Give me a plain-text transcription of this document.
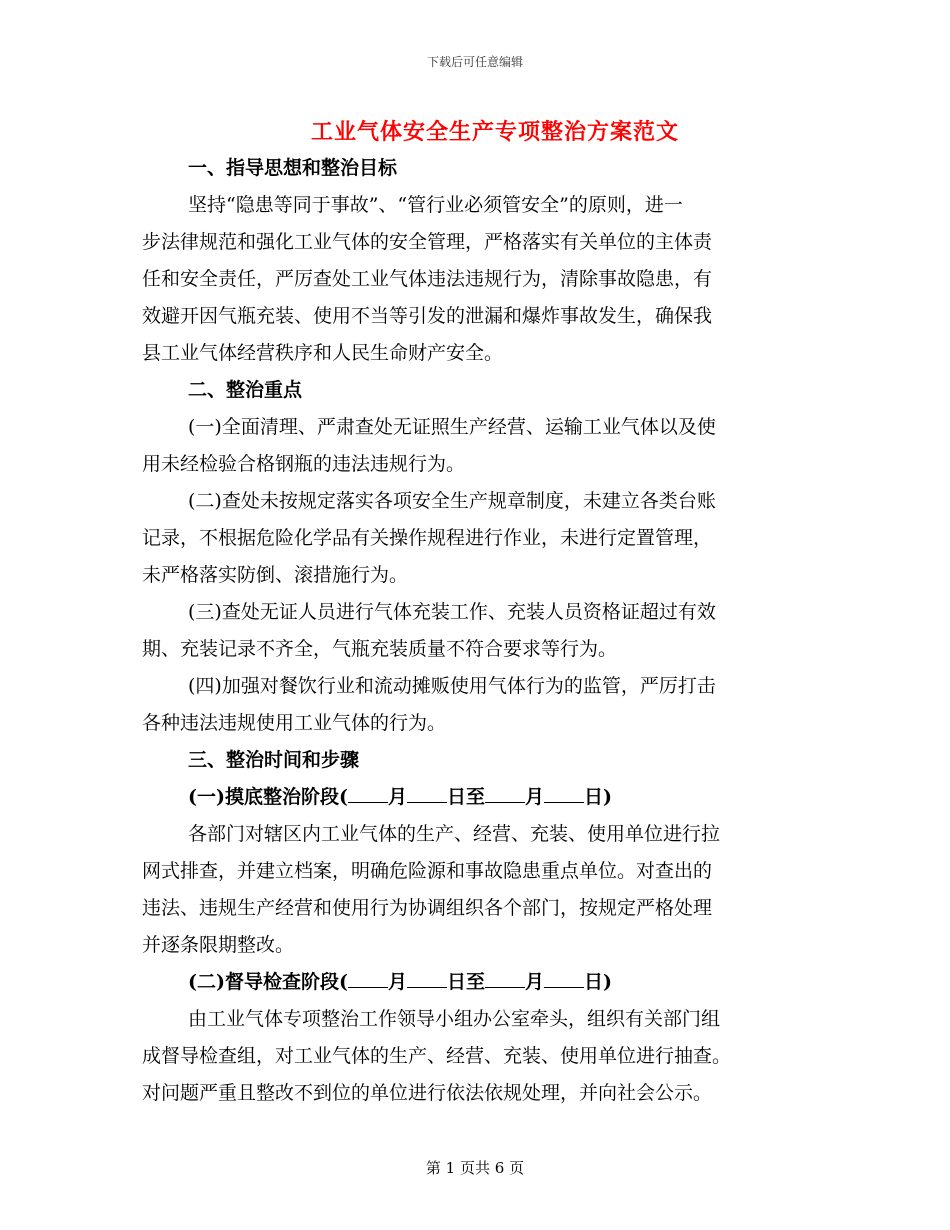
下载后可任意编辑
工业气体安全生产专项整治方案范文
一、指导思想和整治目标
坚持“隐患等同于事故”、“管行业必须管安全”的原则，进一
步法律规范和强化工业气体的安全管理，严格落实有关单位的主体责
任和安全责任，严厉查处工业气体违法违规行为，清除事故隐患，有
效避开因气瓶充装、使用不当等引发的泄漏和爆炸事故发生，确保我
县工业气体经营秩序和人民生命财产安全。
二、整治重点
(一)全面清理、严肃查处无证照生产经营、运输工业气体以及使
用未经检验合格钢瓶的违法违规行为。
(二)查处未按规定落实各项安全生产规章制度，未建立各类台账
记录，不根据危险化学品有关操作规程进行作业，未进行定置管理，
未严格落实防倒、滚措施行为。
(三)查处无证人员进行气体充装工作、充装人员资格证超过有效
期、充装记录不齐全，气瓶充装质量不符合要求等行为。
(四)加强对餐饮行业和流动摊贩使用气体行为的监管，严厉打击
各种违法违规使用工业气体的行为。
三、整治时间和步骤
(一)摸底整治阶段( 月 日至 月 日)
各部门对辖区内工业气体的生产、经营、充装、使用单位进行拉
网式排查，并建立档案，明确危险源和事故隐患重点单位。对查出的
违法、违规生产经营和使用行为协调组织各个部门，按规定严格处理
并逐条限期整改。
(二)督导检查阶段( 月 日至 月 日)
由工业气体专项整治工作领导小组办公室牵头，组织有关部门组
成督导检查组，对工业气体的生产、经营、充装、使用单位进行抽查。
对问题严重且整改不到位的单位进行依法依规处理，并向社会公示。
第 1 页共 6 页
